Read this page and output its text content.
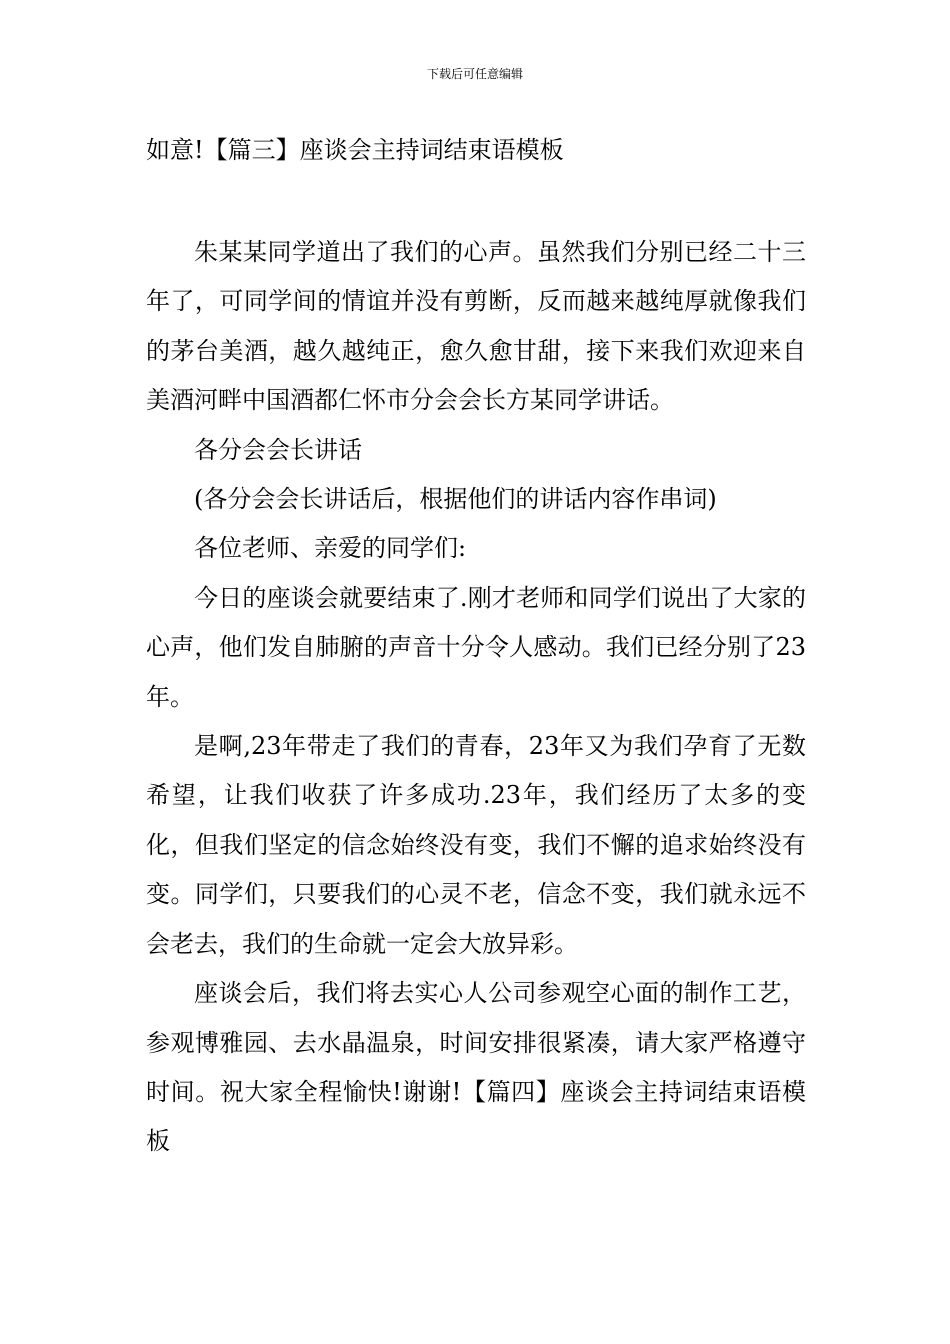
下载后可任意编辑

如意!【篇三】座谈会主持词结束语模板

朱某某同学道出了我们的心声。虽然我们分别已经二十三年了，可同学间的情谊并没有剪断，反而越来越纯厚就像我们的茅台美酒，越久越纯正，愈久愈甘甜，接下来我们欢迎来自美酒河畔中国酒都仁怀市分会会长方某同学讲话。

各分会会长讲话

(各分会会长讲话后，根据他们的讲话内容作串词)

各位老师、亲爱的同学们:

今日的座谈会就要结束了.刚才老师和同学们说出了大家的心声，他们发自肺腑的声音十分令人感动。我们已经分别了23年。

是啊,23年带走了我们的青春，23年又为我们孕育了无数希望，让我们收获了许多成功.23年，我们经历了太多的变化，但我们坚定的信念始终没有变，我们不懈的追求始终没有变。同学们，只要我们的心灵不老，信念不变，我们就永远不会老去，我们的生命就一定会大放异彩。

座谈会后，我们将去实心人公司参观空心面的制作工艺，参观博雅园、去水晶温泉，时间安排很紧凑，请大家严格遵守时间。祝大家全程愉快!谢谢!【篇四】座谈会主持词结束语模板
